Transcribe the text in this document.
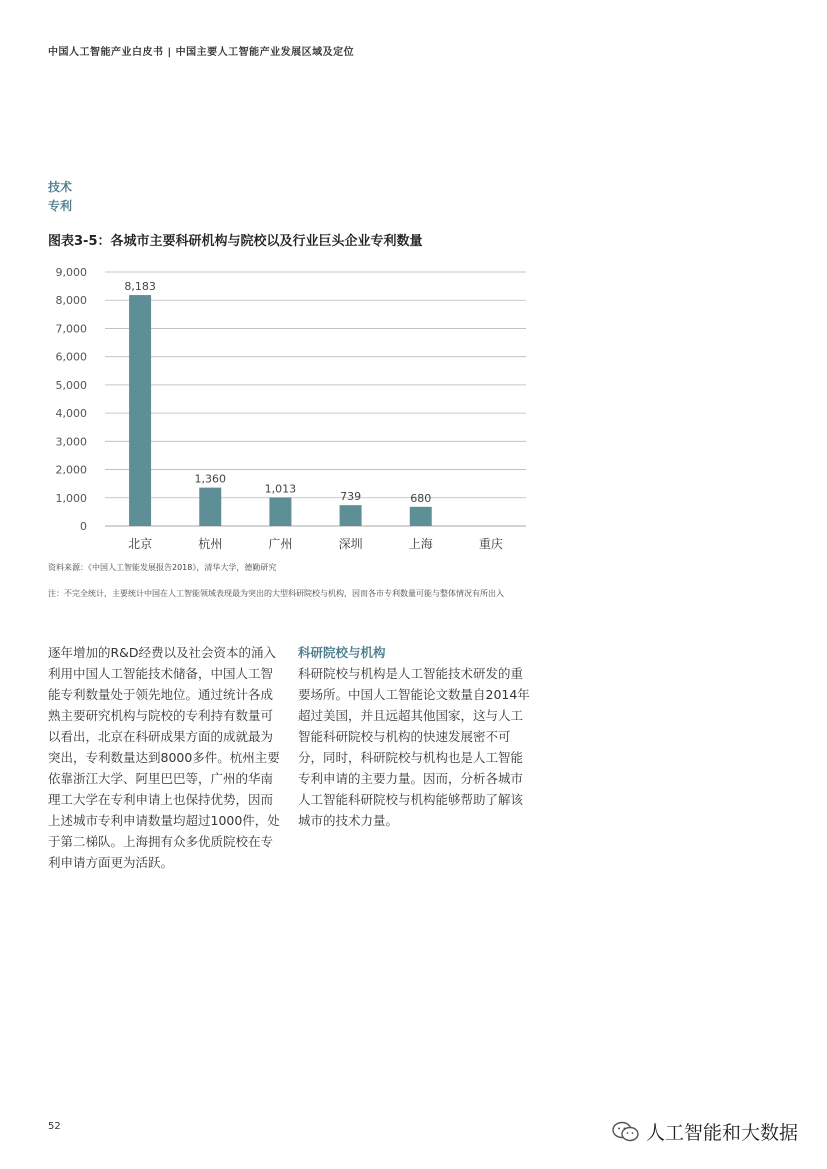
中国人工智能产业白皮书 | 中国主要人工智能产业发展区域及定位
技术
专利
图表3-5：各城市主要科研机构与院校以及行业巨头企业专利数量
0
1,000
2,000
3,000
4,000
5,000
6,000
7,000
8,000
9,000
8,183
北京
1,360
杭州
1,013
广州
739
深圳
680
上海	重庆
资料来源：《中国人工智能发展报告2018》，清华大学，德勤研究
注：不完全统计，主要统计中国在人工智能领域表现最为突出的大型科研院校与机构，因而各市专利数量可能与整体情况有所出入
逐年增加的R&D经费以及社会资本的涌入利用中国人工智能技术储备，中国人工智能专利数量处于领先地位。通过统计各成熟主要研究机构与院校的专利持有数量可以看出，北京在科研成果方面的成就最为突出，专利数量达到8000多件。杭州主要依靠浙江大学、阿里巴巴等，广州的华南理工大学在专利申请上也保持优势，因而上述城市专利申请数量均超过1000件，处于第二梯队。上海拥有众多优质院校在专利申请方面更为活跃。
科研院校与机构
科研院校与机构是人工智能技术研发的重要场所。中国人工智能论文数量自2014年超过美国，并且远超其他国家，这与人工智能科研院校与机构的快速发展密不可分，同时，科研院校与机构也是人工智能专利申请的主要力量。因而，分析各城市人工智能科研院校与机构能够帮助了解该城市的技术力量。
52	人工智能和大数据
